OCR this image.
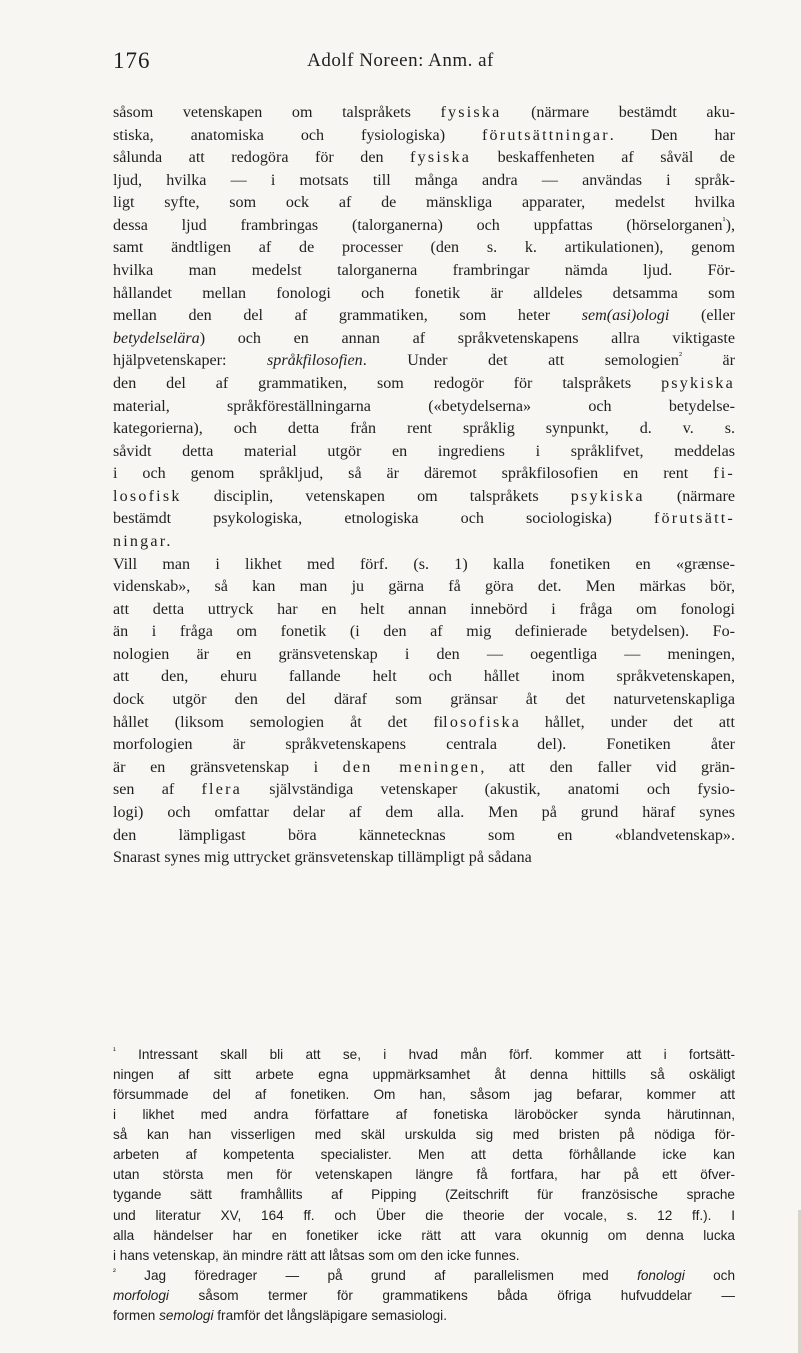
176	Adolf Noreen: Anm. af

såsom vetenskapen om talspråkets fysiska (närmare bestämdt aku-

stiska, anatomiska och fysiologiska) förutsättningar. Den har

sålunda att redogöra för den fysiska beskaffenheten af såväl de

ljud, hvilka — i motsats till många andra — användas i språk-

ligt syfte, som ock af de mänskliga apparater, medelst hvilka

dessa ljud frambringas (talorganerna) och uppfattas (hörselorganen$^{^1}$),

samt ändtligen af de processer (den s. k. artikulationen), genom

hvilka man medelst talorganerna frambringar nämda ljud. För-

hållandet mellan fonologi och fonetik är alldeles detsamma som

mellan den del af grammatiken, som heter sem(asi)ologi (eller

betydelselära) och en annan af språkvetenskapens allra viktigaste

hjälpvetenskaper: språkfilosofien. Under det att semologien$^{^2}$ är

den del af grammatiken, som redogör för talspråkets psykiska

material, språkföreställningarna («betydelserna» och betydelse-

kategorierna), och detta från rent språklig synpunkt, d. v. s.

såvidt detta material utgör en ingrediens i språklifvet, meddelas

i och genom språkljud, så är däremot språkfilosofien en rent fi-

losofisk disciplin, vetenskapen om talspråkets psykiska (närmare

bestämdt psykologiska, etnologiska och sociologiska) förutsätt-

ningar.

Vill man i likhet med förf. (s. 1) kalla fonetiken en «grænse-

videnskab», så kan man ju gärna få göra det. Men märkas bör,

att detta uttryck har en helt annan innebörd i fråga om fonologi

än i fråga om fonetik (i den af mig definierade betydelsen). Fo-

nologien är en gränsvetenskap i den — oegentliga — meningen,

att den, ehuru fallande helt och hållet inom språkvetenskapen,

dock utgör den del däraf som gränsar åt det naturvetenskapliga

hållet (liksom semologien åt det filosofiska hållet, under det att

morfologien är språkvetenskapens centrala del). Fonetiken åter

är en gränsvetenskap i den meningen, att den faller vid grän-

sen af flera självständiga vetenskaper (akustik, anatomi och fysio-

logi) och omfattar delar af dem alla. Men på grund häraf synes

den lämpligast böra kännetecknas som en «blandvetenskap».

Snarast synes mig uttrycket gränsvetenskap tillämpligt på sådana

$^{^1}$ Intressant skall bli att se, i hvad mån förf. kommer att i fortsätt-

ningen af sitt arbete egna uppmärksamhet åt denna hittills så oskäligt

försummade del af fonetiken. Om han, såsom jag befarar, kommer att

i likhet med andra författare af fonetiska läroböcker synda härutinnan,

så kan han visserligen med skäl urskulda sig med bristen på nödiga för-

arbeten af kompetenta specialister. Men att detta förhållande icke kan

utan största men för vetenskapen längre få fortfara, har på ett öfver-

tygande sätt framhållits af Pipping (Zeitschrift für französische sprache

und literatur XV, 164 ff. och Über die theorie der vocale, s. 12 ff.). I

alla händelser har en fonetiker icke rätt att vara okunnig om denna lucka

i hans vetenskap, än mindre rätt att låtsas som om den icke funnes.

$^{^2}$ Jag föredrager — på grund af parallelismen med fonologi och

morfologi såsom termer för grammatikens båda öfriga hufvuddelar —

formen semologi framför det långsläpigare semasiologi.
